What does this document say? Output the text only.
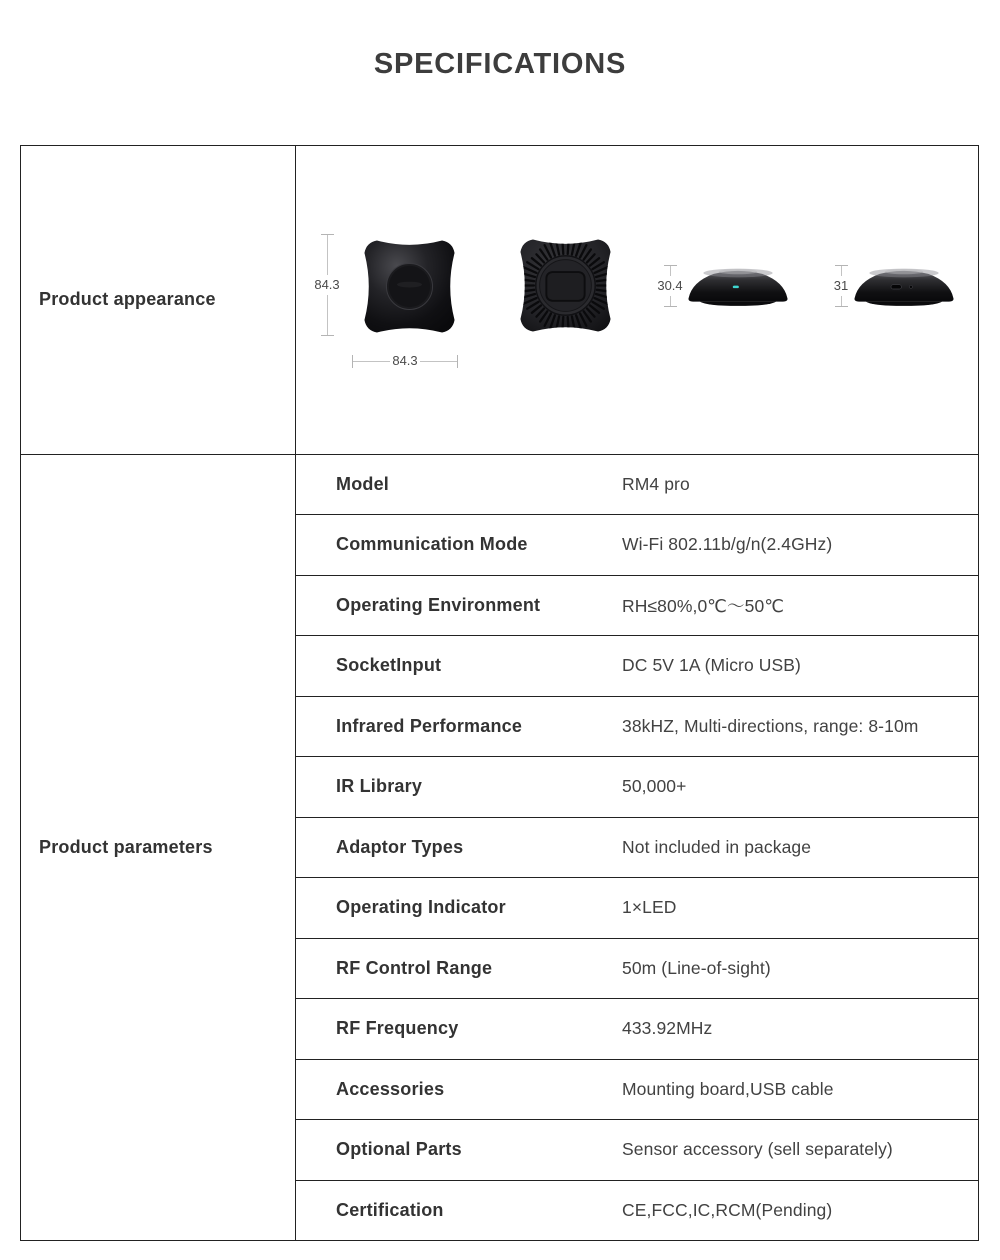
SPECIFICATIONS
Product appearance
84.3
84.3
30.4	31
Product parameters
Model	RM4 pro
Communication Mode	Wi-Fi 802.11b/g/n(2.4GHz)
Operating Environment	RH≤80%,0℃～50℃
SocketInput	DC 5V 1A (Micro USB)
Infrared Performance	38kHZ, Multi-directions, range: 8-10m
IR Library	50,000+
Adaptor Types	Not included in package
Operating Indicator	1×LED
RF Control Range	50m (Line-of-sight)
RF Frequency	433.92MHz
Accessories	Mounting board,USB cable
Optional Parts	Sensor accessory (sell separately)
Certification	CE,FCC,IC,RCM(Pending)
